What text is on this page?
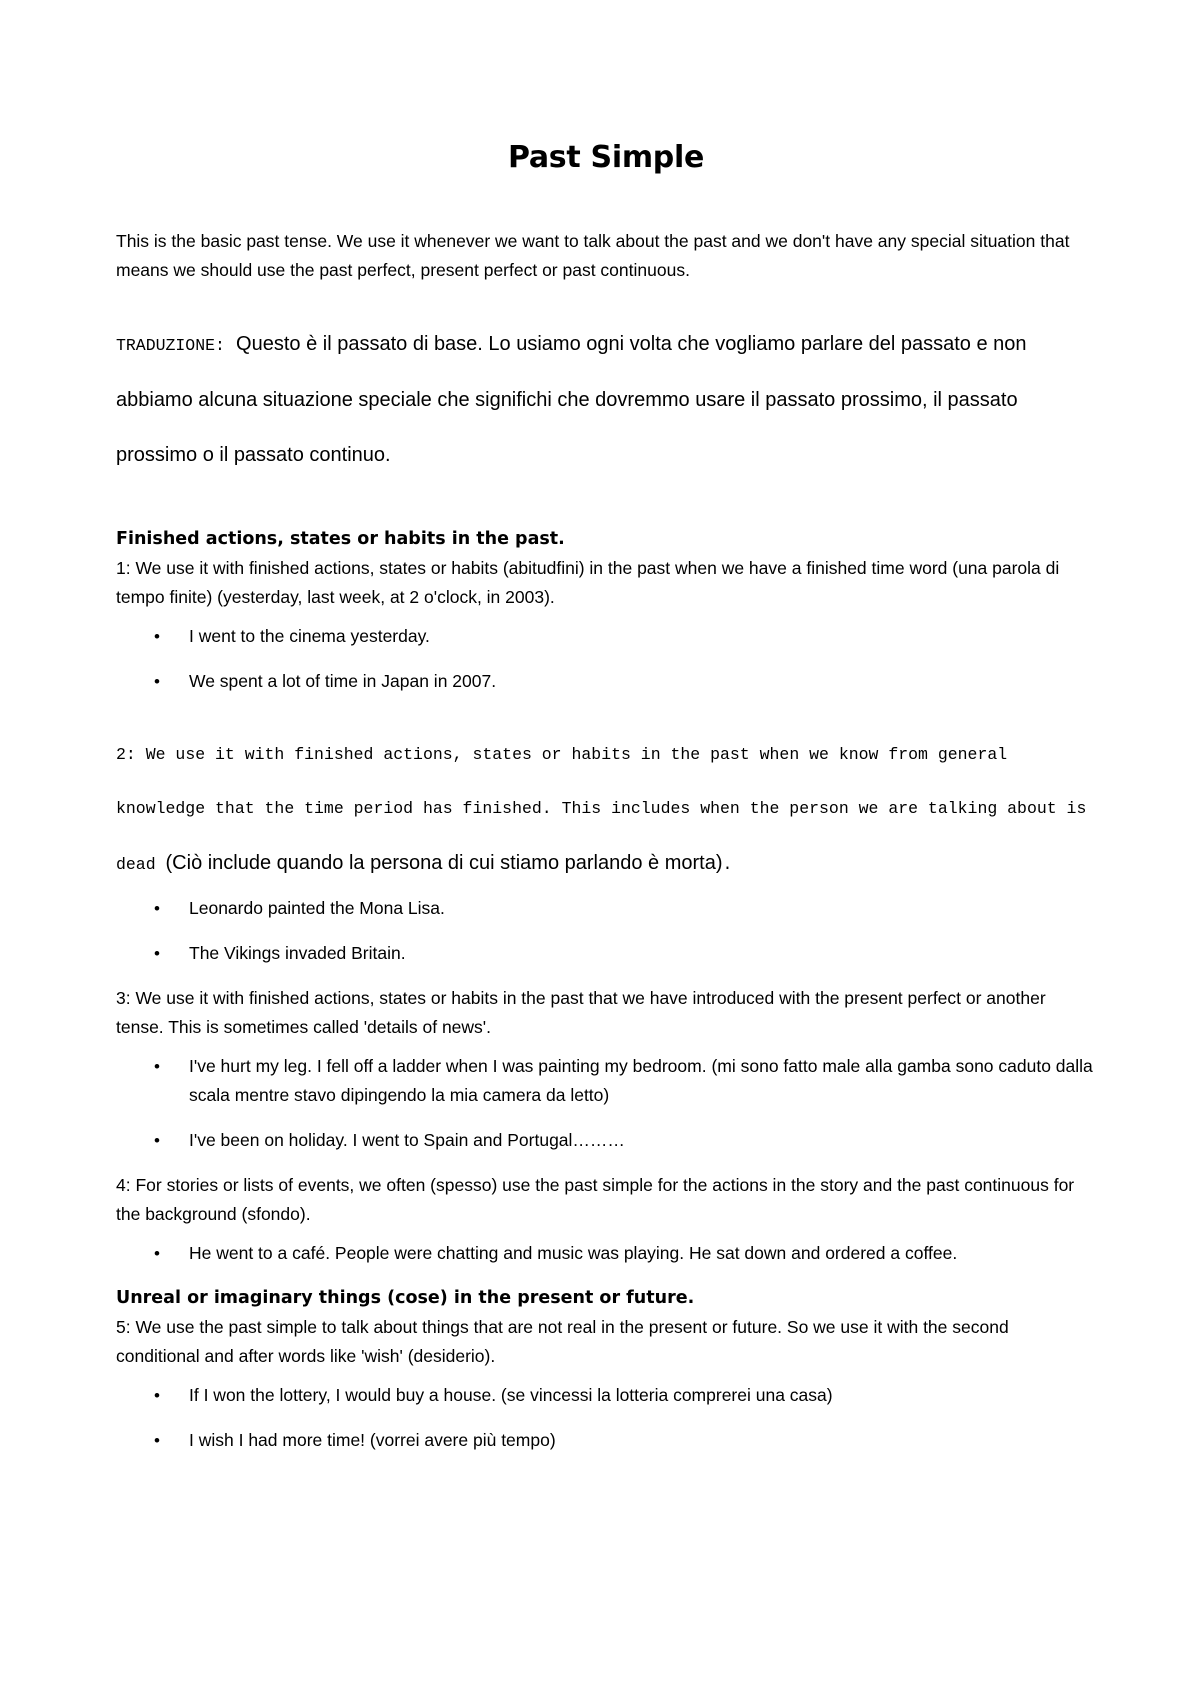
Past Simple

This is the basic past tense. We use it whenever we want to talk about the past and we don't have any special situation that means we should use the past perfect, present perfect or past continuous.

TRADUZIONE: Questo è il passato di base. Lo usiamo ogni volta che vogliamo parlare del passato e non abbiamo alcuna situazione speciale che significhi che dovremmo usare il passato prossimo, il passato prossimo o il passato continuo.

Finished actions, states or habits in the past.

1: We use it with finished actions, states or habits (abitudfini) in the past when we have a finished time word (una parola di tempo finite) (yesterday, last week, at 2 o'clock, in 2003).

• I went to the cinema yesterday.
• We spent a lot of time in Japan in 2007.

2: We use it with finished actions, states or habits in the past when we know from general knowledge that the time period has finished. This includes when the person we are talking about is dead (Ciò include quando la persona di cui stiamo parlando è morta).

• Leonardo painted the Mona Lisa.
• The Vikings invaded Britain.

3: We use it with finished actions, states or habits in the past that we have introduced with the present perfect or another tense. This is sometimes called 'details of news'.

• I've hurt my leg. I fell off a ladder when I was painting my bedroom. (mi sono fatto male alla gamba sono caduto dalla scala mentre stavo dipingendo la mia camera da letto)
• I've been on holiday. I went to Spain and Portugal………

4: For stories or lists of events, we often (spesso) use the past simple for the actions in the story and the past continuous for the background (sfondo).

• He went to a café. People were chatting and music was playing. He sat down and ordered a coffee.

Unreal or imaginary things (cose) in the present or future.

5: We use the past simple to talk about things that are not real in the present or future. So we use it with the second conditional and after words like 'wish' (desiderio).

• If I won the lottery, I would buy a house. (se vincessi la lotteria comprerei una casa)
• I wish I had more time! (vorrei avere più tempo)
